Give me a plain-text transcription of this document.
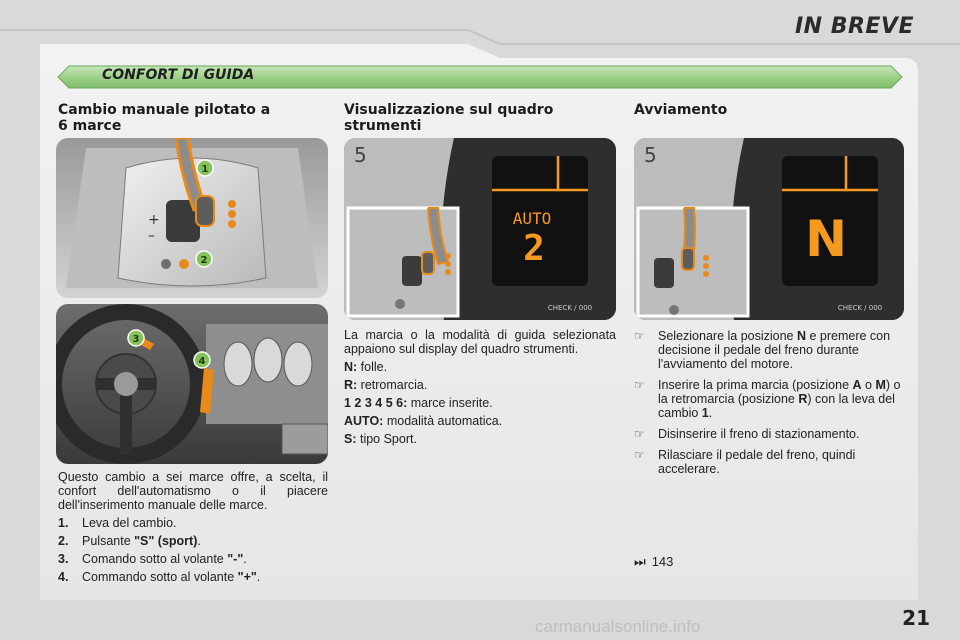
IN BREVE
CONFORT DI GUIDA
Cambio manuale pilotato a
6 marce
+
–
1
2
3
4

Questo cambio a sei marce offre, a scelta, il confort dell'automatismo o il piacere dell'inserimento manuale delle marce.

1.	Leva del cambio.
2.	Pulsante "S" (sport).
3.	Comando sotto al volante "-".
4.	Commando sotto al volante "+".
Visualizzazione sul quadro
strumenti
AUTO
2
5
CHECK / 000

La marcia o la modalità di guida selezionata appaiono sul display del quadro strumenti.

N: folle.

R: retromarcia.

1 2 3 4 5 6: marce inserite.

AUTO: modalità automatica.

S: tipo Sport.

Avviamento
N
5
CHECK / 000
☞	Selezionare la posizione N e premere con decisione il pedale del freno durante l'avviamento del motore.
☞	Inserire la prima marcia (posizione A o M) o la retromarcia (posizione R) con la leva del cambio 1.
☞	Disinserire il freno di stazionamento.
☞	Rilasciare il pedale del freno, quindi accelerare.
⏭ 143
21
carmanualsonline.info
